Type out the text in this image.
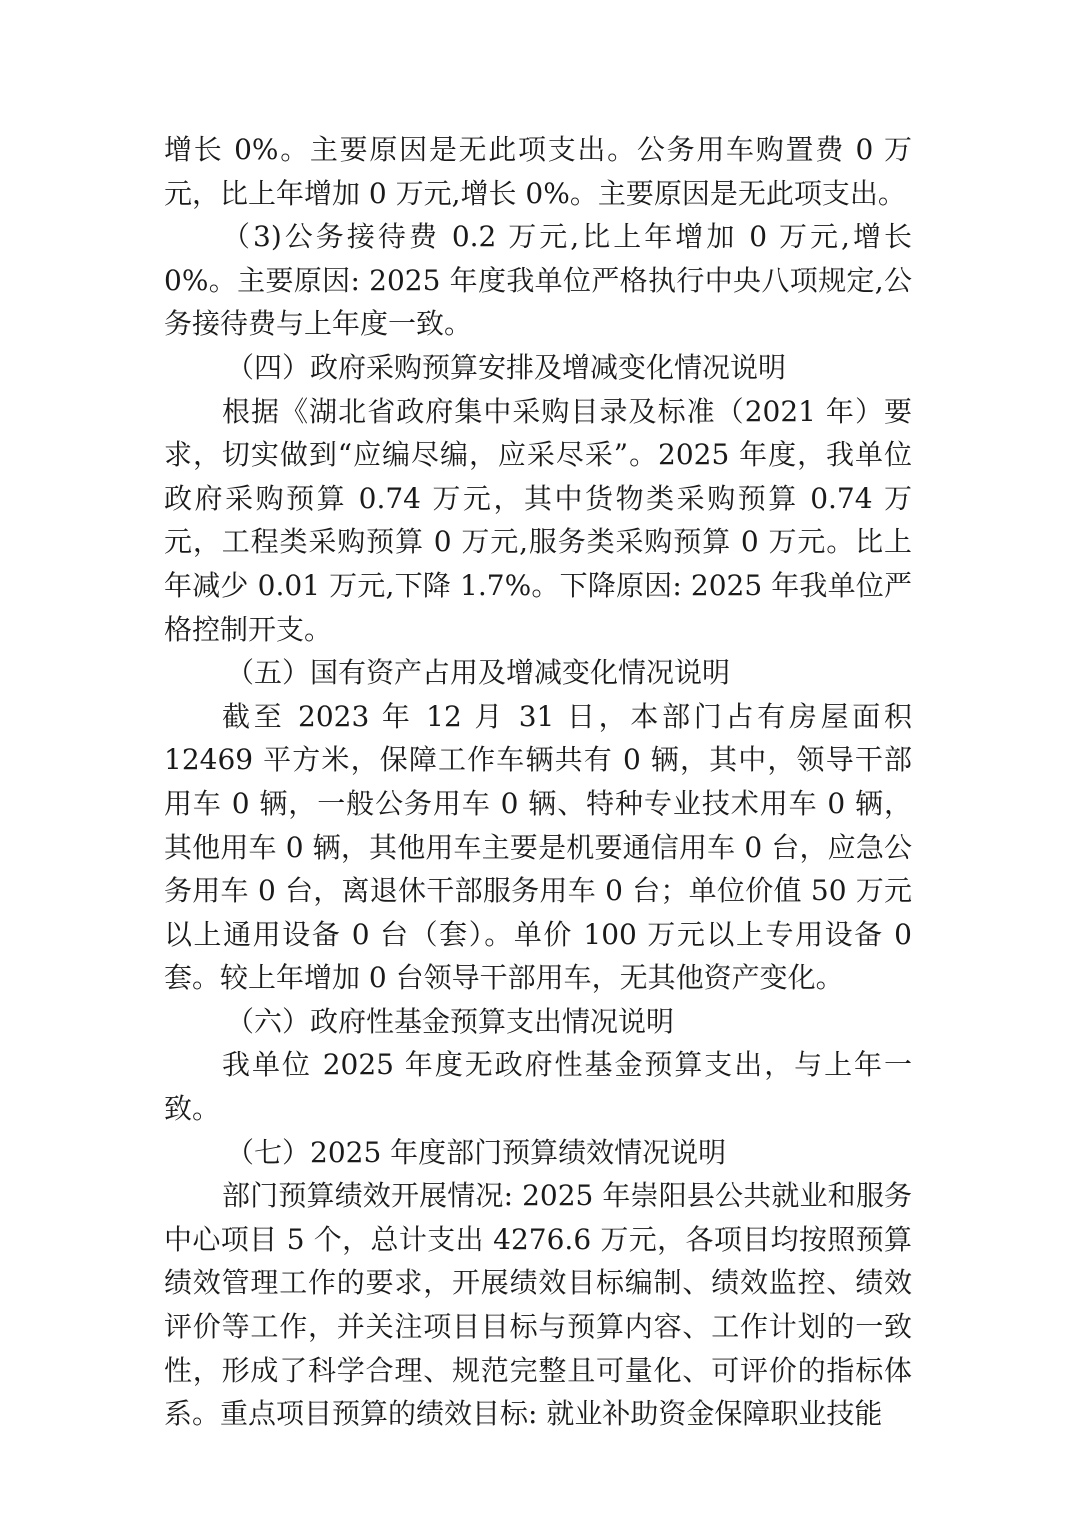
增长 0%。主要原因是无此项支出。公务用车购置费 0 万元，比上年增加 0 万元,增长 0%。主要原因是无此项支出。

（3)公务接待费 0.2 万元,比上年增加 0 万元,增长 0%。主要原因: 2025 年度我单位严格执行中央八项规定,公务接待费与上年度一致。

（四）政府采购预算安排及增减变化情况说明

根据《湖北省政府集中采购目录及标准（2021 年）要求，切实做到“应编尽编，应采尽采”。2025 年度，我单位政府采购预算 0.74 万元，其中货物类采购预算 0.74 万元，工程类采购预算 0 万元,服务类采购预算 0 万元。比上年减少 0.01 万元,下降 1.7%。下降原因: 2025 年我单位严格控制开支。

（五）国有资产占用及增减变化情况说明

截至 2023 年 12 月 31 日，本部门占有房屋面积 12469 平方米，保障工作车辆共有 0 辆，其中，领导干部用车 0 辆，一般公务用车 0 辆、特种专业技术用车 0 辆，其他用车 0 辆，其他用车主要是机要通信用车 0 台，应急公务用车 0 台，离退休干部服务用车 0 台；单位价值 50 万元以上通用设备 0 台（套）。单价 100 万元以上专用设备 0 套。较上年增加 0 台领导干部用车，无其他资产变化。

（六）政府性基金预算支出情况说明

我单位 2025 年度无政府性基金预算支出，与上年一致。

（七）2025 年度部门预算绩效情况说明

部门预算绩效开展情况: 2025 年崇阳县公共就业和服务中心项目 5 个，总计支出 4276.6 万元，各项目均按照预算绩效管理工作的要求，开展绩效目标编制、绩效监控、绩效评价等工作，并关注项目目标与预算内容、工作计划的一致性，形成了科学合理、规范完整且可量化、可评价的指标体系。重点项目预算的绩效目标: 就业补助资金保障职业技能
